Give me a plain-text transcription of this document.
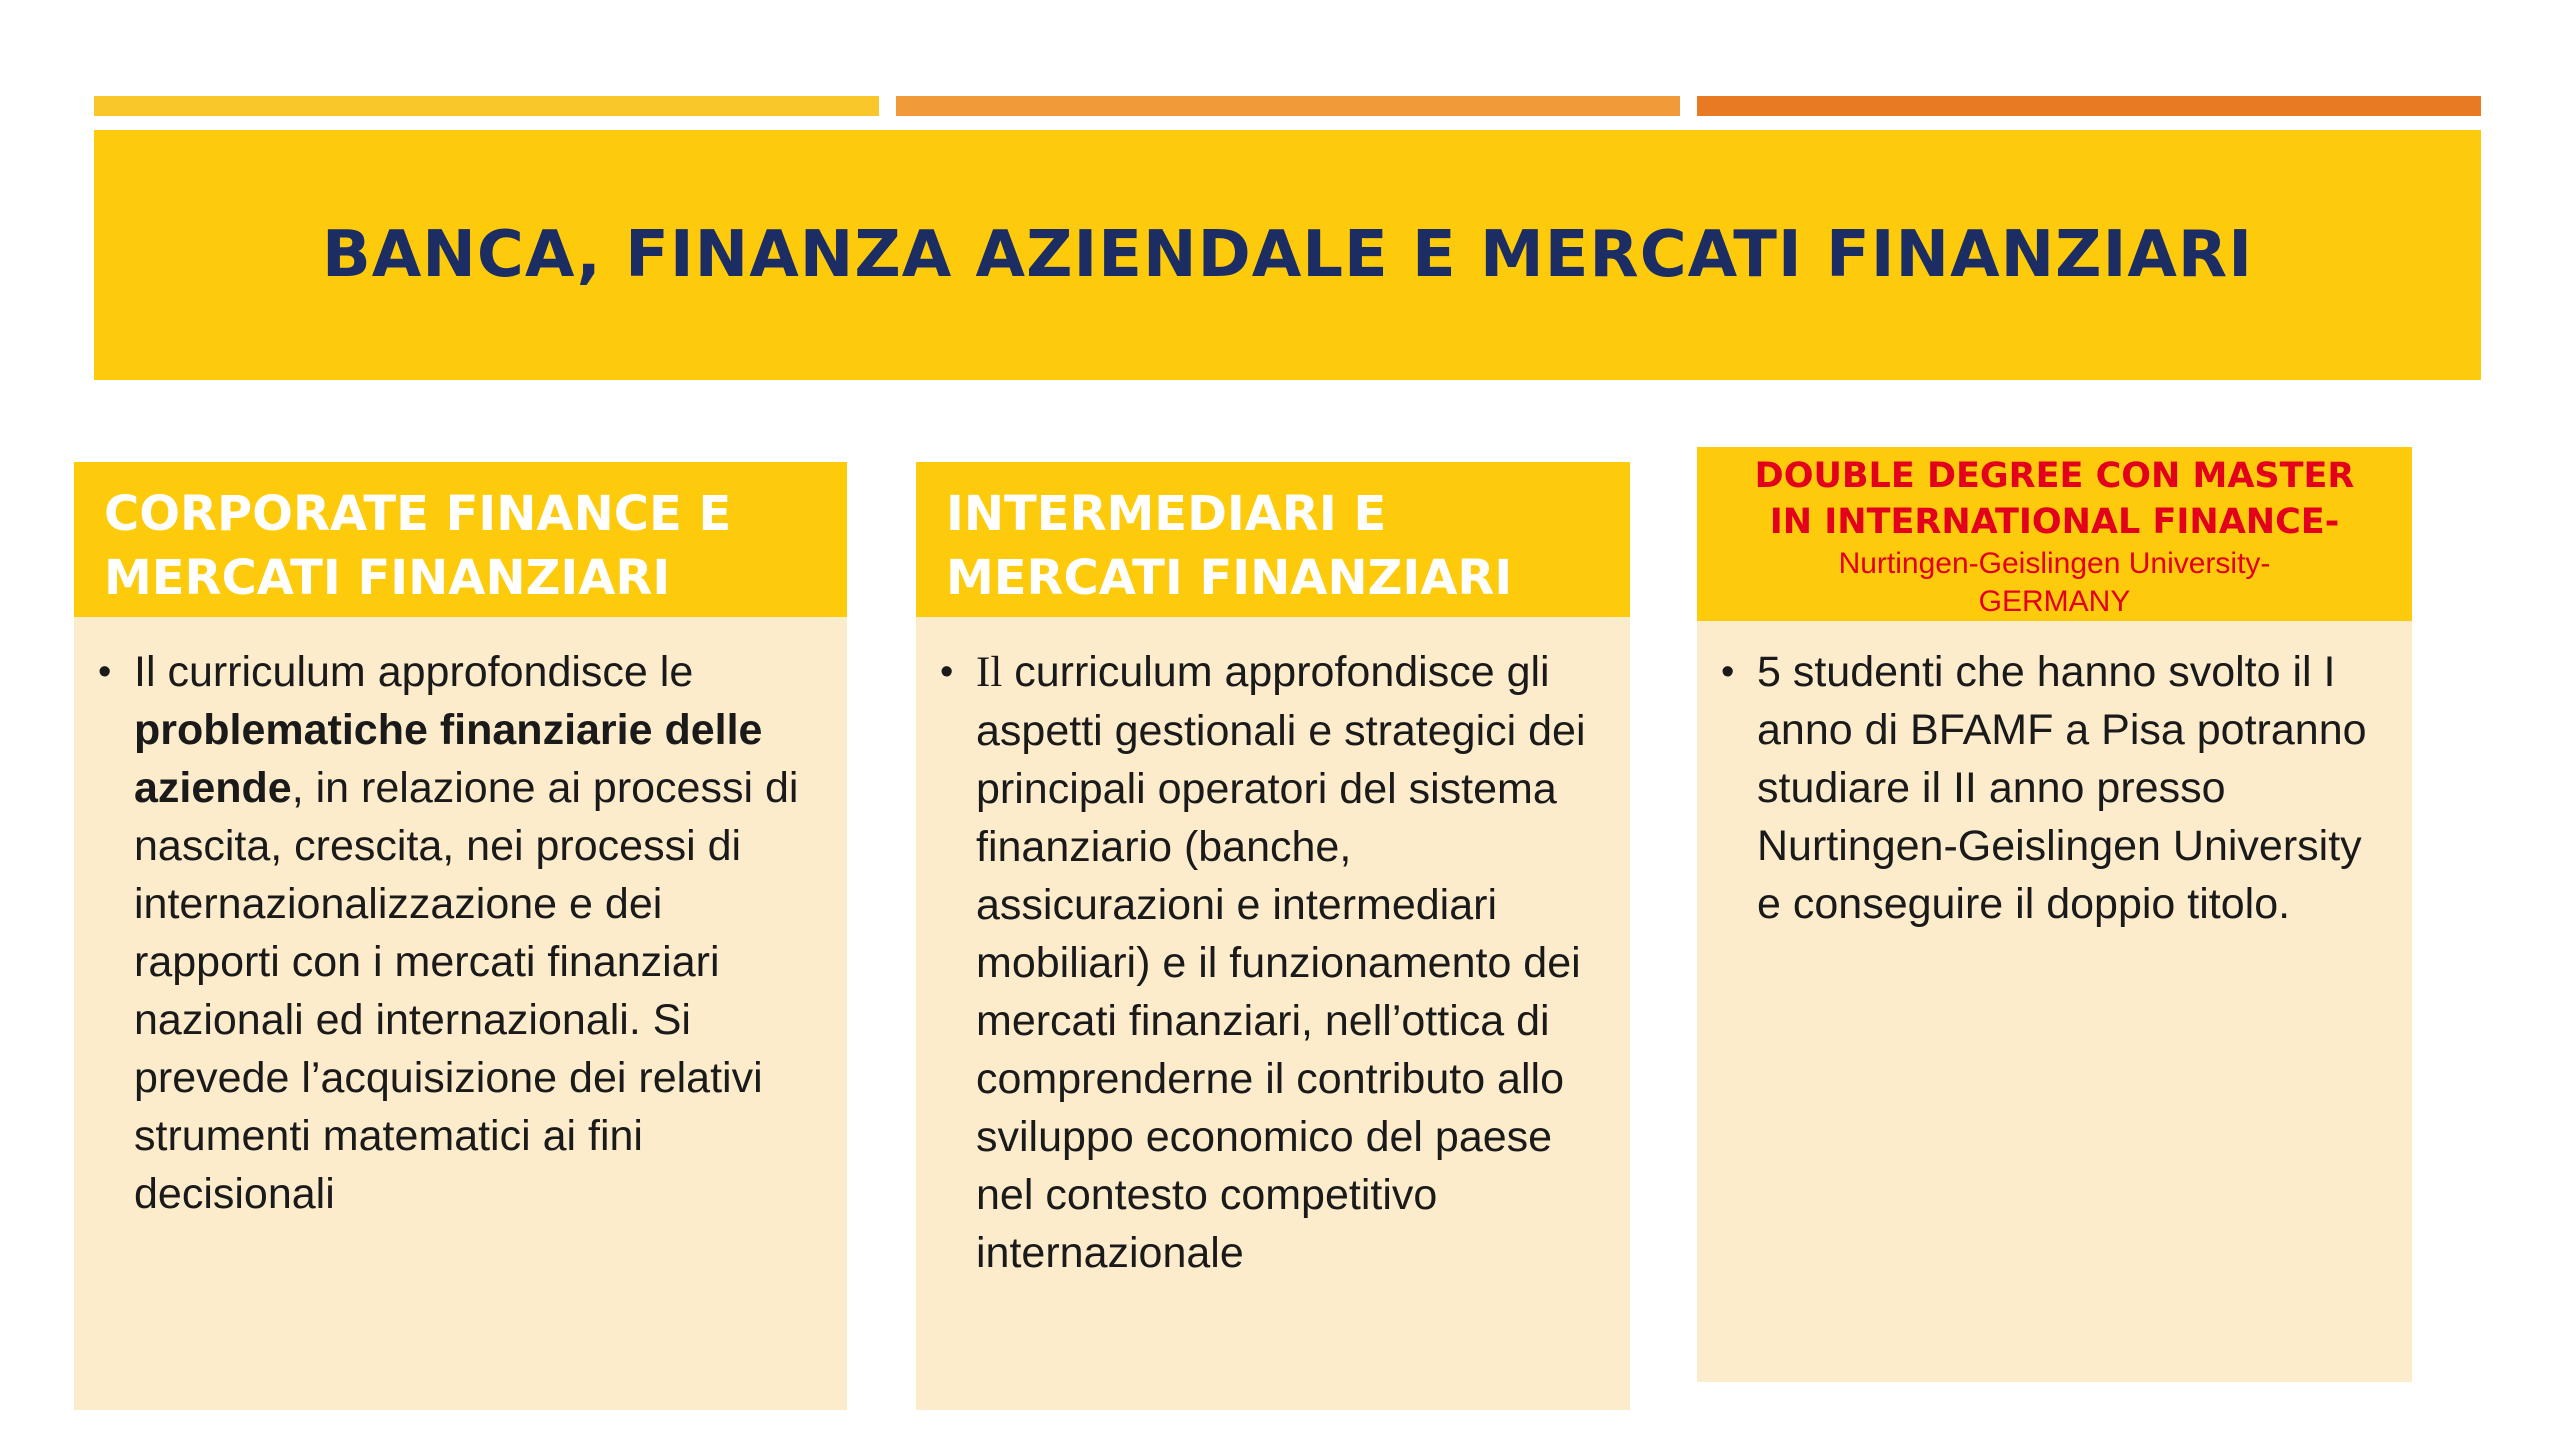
BANCA, FINANZA AZIENDALE E MERCATI FINANZIARI
CORPORATE FINANCE E
MERCATI FINANZIARI
• Il curriculum approfondisce le problematiche finanziarie delle aziende, in relazione ai processi di nascita, crescita, nei processi di internazionalizzazione e dei rapporti con i mercati finanziari nazionali ed internazionali. Si prevede l’acquisizione dei relativi strumenti matematici ai fini decisionali
INTERMEDIARI E
MERCATI FINANZIARI
• Il curriculum approfondisce gli aspetti gestionali e strategici dei principali operatori del sistema finanziario (banche, assicurazioni e intermediari mobiliari) e il funzionamento dei mercati finanziari, nell’ottica di comprenderne il contributo allo sviluppo economico del paese nel contesto competitivo internazionale
DOUBLE DEGREE CON MASTER
IN INTERNATIONAL FINANCE-
Nurtingen-Geislingen University-
GERMANY
• 5 studenti che hanno svolto il I anno di BFAMF a Pisa potranno studiare il II anno presso Nurtingen-Geislingen University e conseguire il doppio titolo.
